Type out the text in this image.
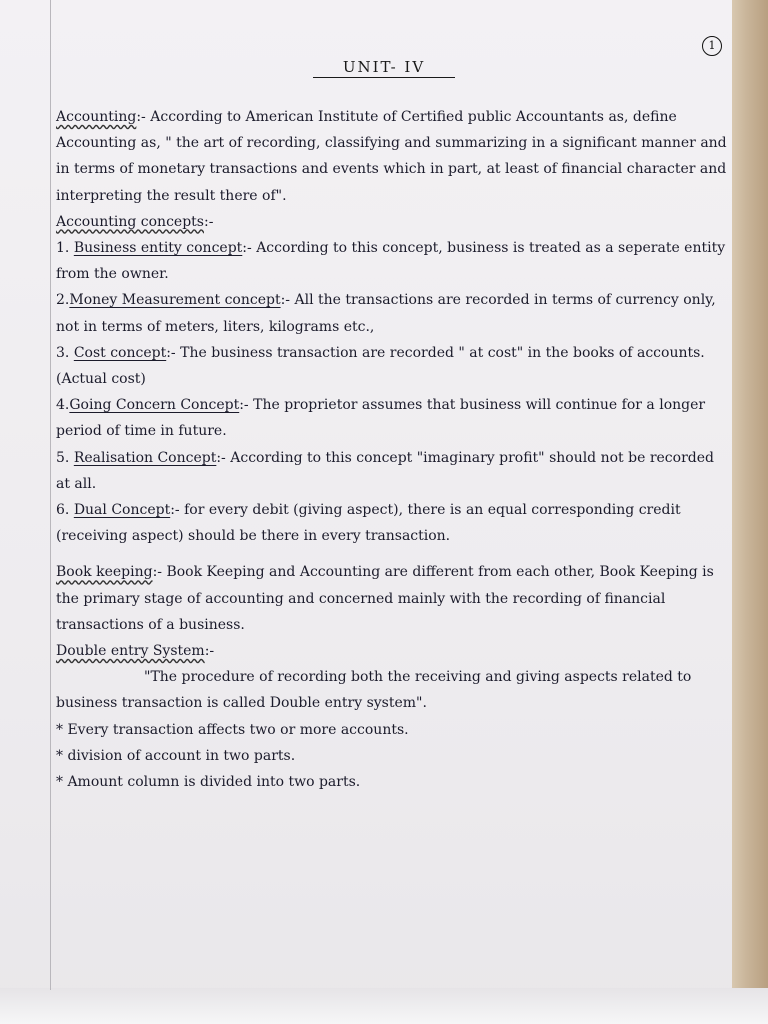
1
UNIT- IV

Accounting:- According to American Institute of Certified public Accountants as, define Accounting as, " the art of recording, classifying and summarizing in a significant manner and in terms of monetary transactions and events which in part, at least of financial character and interpreting the result there of".

Accounting concepts:-

1. Business entity concept:- According to this concept, business is treated as a seperate entity from the owner.

2.Money Measurement concept:- All the transactions are recorded in terms of currency only, not in terms of meters, liters, kilograms etc.,

3. Cost concept:- The business transaction are recorded " at cost" in the books of accounts. (Actual cost)

4.Going Concern Concept:- The proprietor assumes that business will continue for a longer period of time in future.

5. Realisation Concept:- According to this concept "imaginary profit" should not be recorded at all.

6. Dual Concept:- for every debit (giving aspect), there is an equal corresponding credit (receiving aspect) should be there in every transaction.

Book keeping:- Book Keeping and Accounting are different from each other, Book Keeping is the primary stage of accounting and concerned mainly with the recording of financial transactions of a business.

Double entry System:-

"The procedure of recording both the receiving and giving aspects related to business transaction is called Double entry system".

* Every transaction affects two or more accounts.

* division of account in two parts.

* Amount column is divided into two parts.
